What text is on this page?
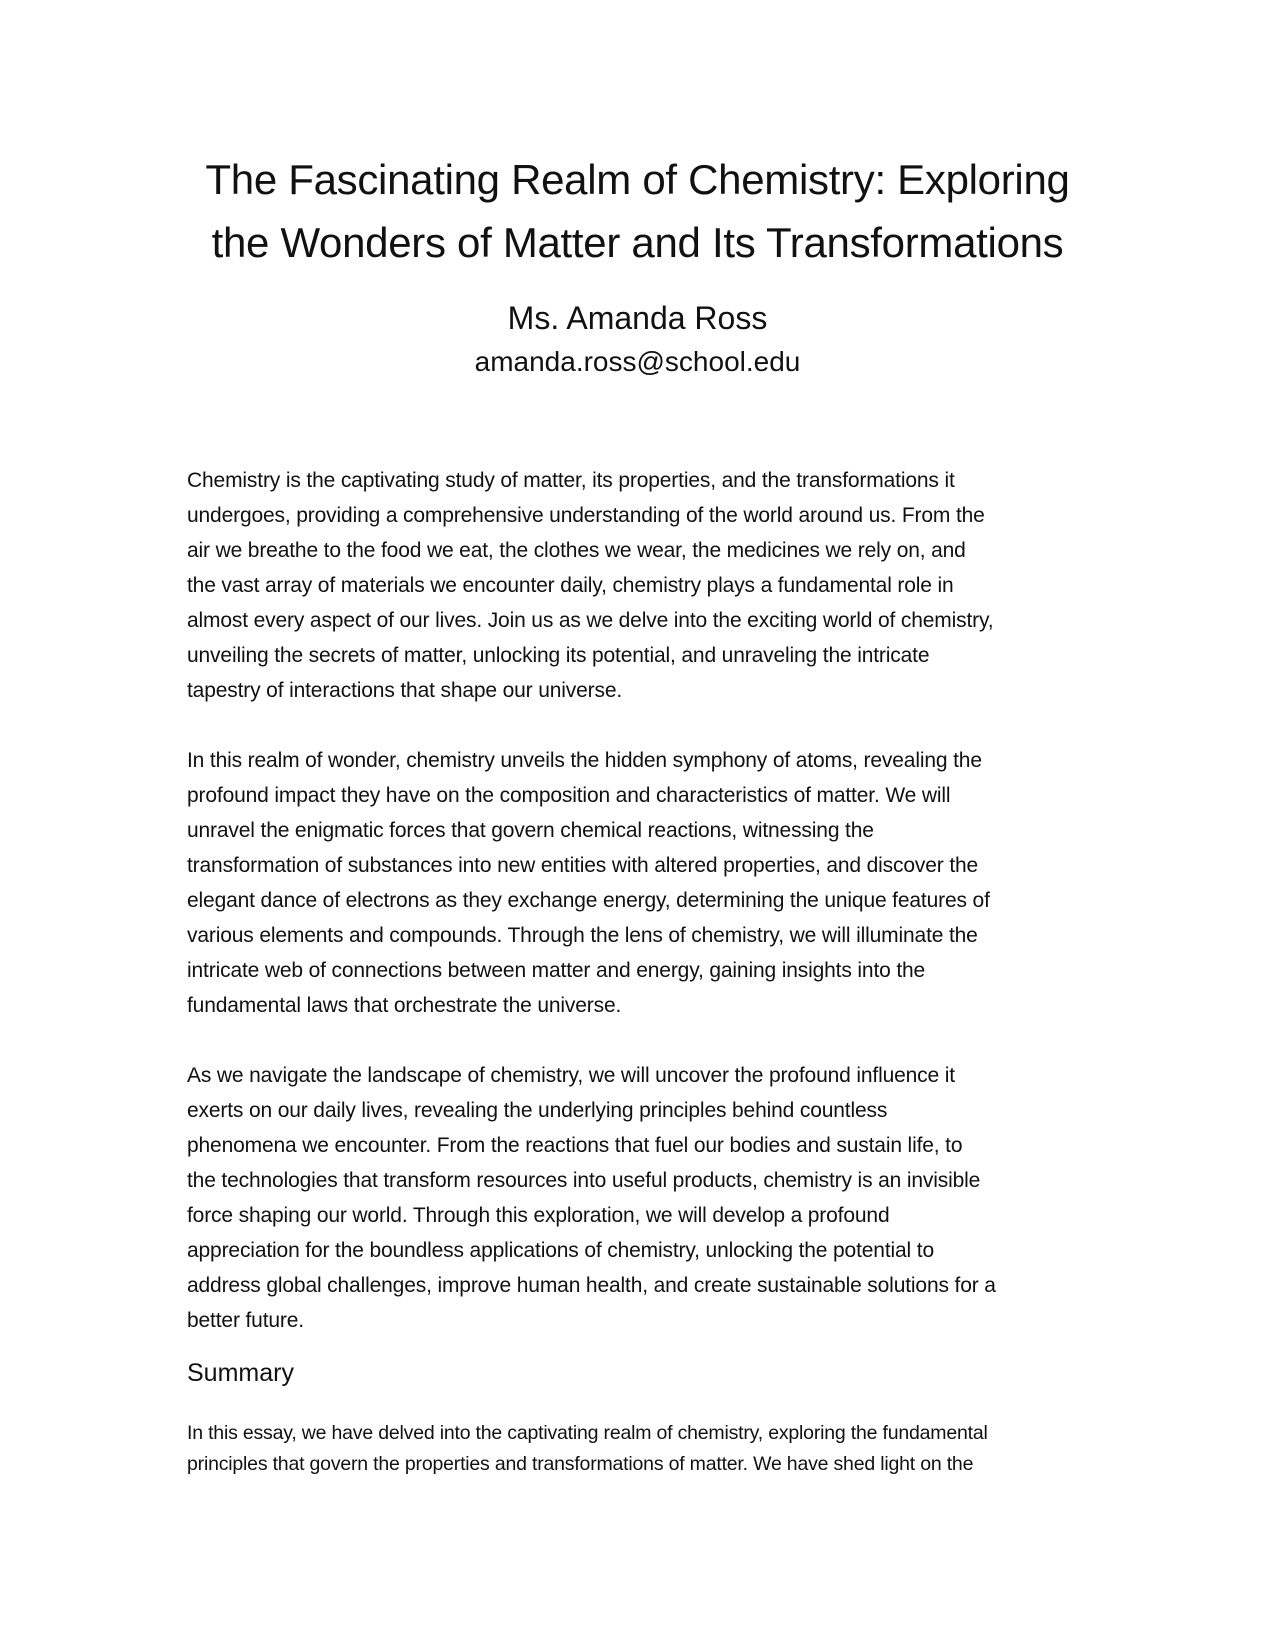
The Fascinating Realm of Chemistry: Exploring
the Wonders of Matter and Its Transformations
Ms. Amanda Ross
amanda.ross@school.edu

Chemistry is the captivating study of matter, its properties, and the transformations it
undergoes, providing a comprehensive understanding of the world around us. From the
air we breathe to the food we eat, the clothes we wear, the medicines we rely on, and
the vast array of materials we encounter daily, chemistry plays a fundamental role in
almost every aspect of our lives. Join us as we delve into the exciting world of chemistry,
unveiling the secrets of matter, unlocking its potential, and unraveling the intricate
tapestry of interactions that shape our universe.

In this realm of wonder, chemistry unveils the hidden symphony of atoms, revealing the
profound impact they have on the composition and characteristics of matter. We will
unravel the enigmatic forces that govern chemical reactions, witnessing the
transformation of substances into new entities with altered properties, and discover the
elegant dance of electrons as they exchange energy, determining the unique features of
various elements and compounds. Through the lens of chemistry, we will illuminate the
intricate web of connections between matter and energy, gaining insights into the
fundamental laws that orchestrate the universe.

As we navigate the landscape of chemistry, we will uncover the profound influence it
exerts on our daily lives, revealing the underlying principles behind countless
phenomena we encounter. From the reactions that fuel our bodies and sustain life, to
the technologies that transform resources into useful products, chemistry is an invisible
force shaping our world. Through this exploration, we will develop a profound
appreciation for the boundless applications of chemistry, unlocking the potential to
address global challenges, improve human health, and create sustainable solutions for a
better future.

Summary

In this essay, we have delved into the captivating realm of chemistry, exploring the fundamental
principles that govern the properties and transformations of matter. We have shed light on the
